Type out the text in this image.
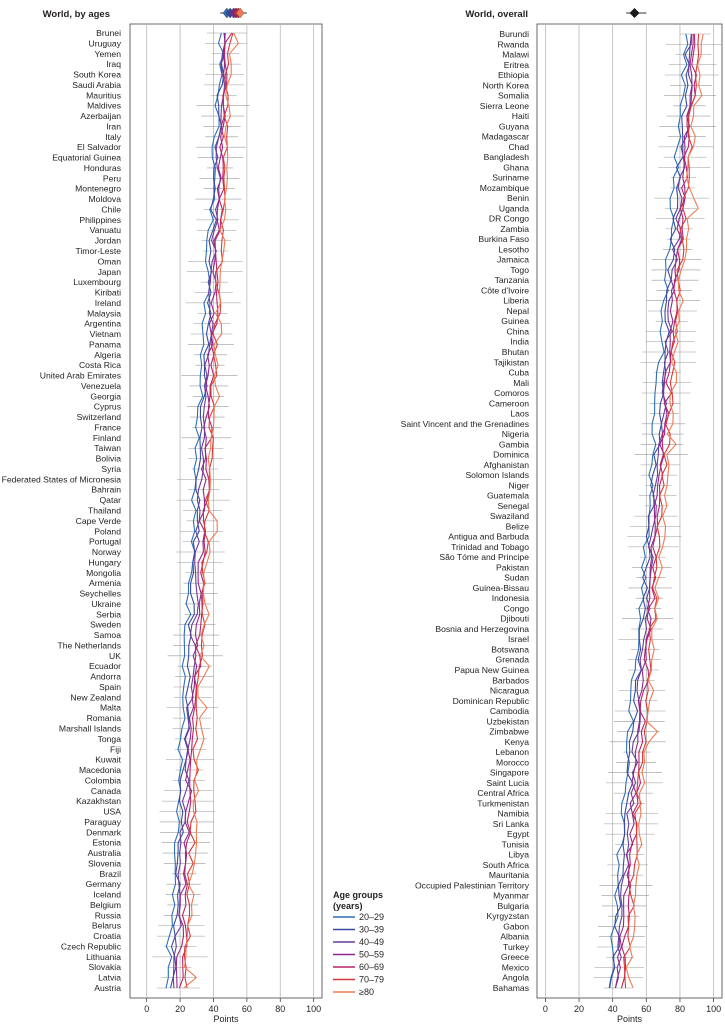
0	20	40	60	80 100
Points
World, by ages
Brunei
Uruguay
Yemen
Iraq
South Korea
Saudi Arabia
Mauritius
Maldives
Azerbaijan
Iran
Italy
El Salvador
Equatorial Guinea
Honduras
Peru
Montenegro
Moldova
Chile
Philippines
Vanuatu
Jordan
Timor-Leste
Oman
Japan
Luxembourg
Kiribati
Ireland
Malaysia
Argentina
Vietnam
Panama
Algeria
Costa Rica
United Arab Emirates
Venezuela
Georgia
Cyprus
Switzerland
France
Finland
Taiwan
Bolivia
Syria
Federated States of Micronesia
Bahrain
Qatar
Thailand
Cape Verde
Poland
Portugal
Norway
Hungary
Mongolia
Armenia
Seychelles
Ukraine
Serbia
Sweden
Samoa
The Netherlands
UK
Ecuador
Andorra
Spain
New Zealand
Malta
Romania
Marshall Islands
Tonga
Fiji
Kuwait
Macedonia
Colombia
Canada
Kazakhstan
USA
Paraguay
Denmark
Estonia
Australia
Slovenia
Brazil
Germany
Iceland
Belgium
Russia
Belarus
Croatia
Czech Republic
Lithuania
Slovakia
Latvia
Austria
0	20	40	60	80 100
Points
World, overall
Burundi
Rwanda
Malawi
Eritrea
Ethiopia
North Korea
Somalia
Sierra Leone
Haiti
Guyana
Madagascar
Chad
Bangladesh
Ghana
Suriname
Mozambique
Benin
Uganda
DR Congo
Zambia
Burkina Faso
Lesotho
Jamaica
Togo
Tanzania
Côte d'Ivoire
Liberia
Nepal
Guinea
China
India
Bhutan
Tajikistan
Cuba
Mali
Comoros
Cameroon
Laos
Saint Vincent and the Grenadines
Nigeria
Gambia
Dominica
Afghanistan
Solomon Islands
Niger
Guatemala
Senegal
Swaziland
Belize
Antigua and Barbuda
Trinidad and Tobago
São Tóme and Principe
Pakistan
Sudan
Guinea-Bissau
Indonesia
Congo
Djibouti
Bosnia and Herzegovina
Israel
Botswana
Grenada
Papua New Guinea
Barbados
Nicaragua
Dominican Republic
Cambodia
Uzbekistan
Zimbabwe
Kenya
Lebanon
Morocco
Singapore
Saint Lucia
Central Africa
Turkmenistan
Namibia
Sri Lanka
Egypt
Tunisia
Libya
South Africa
Mauritania
Occupied Palestinian Territory
Myanmar
Bulgaria
Kyrgyzstan
Gabon
Albania
Turkey
Greece
Mexico
Angola
Bahamas
Age groups
(years)
20–29
30–39
40–49
50–59
60–69
70–79
≥80
